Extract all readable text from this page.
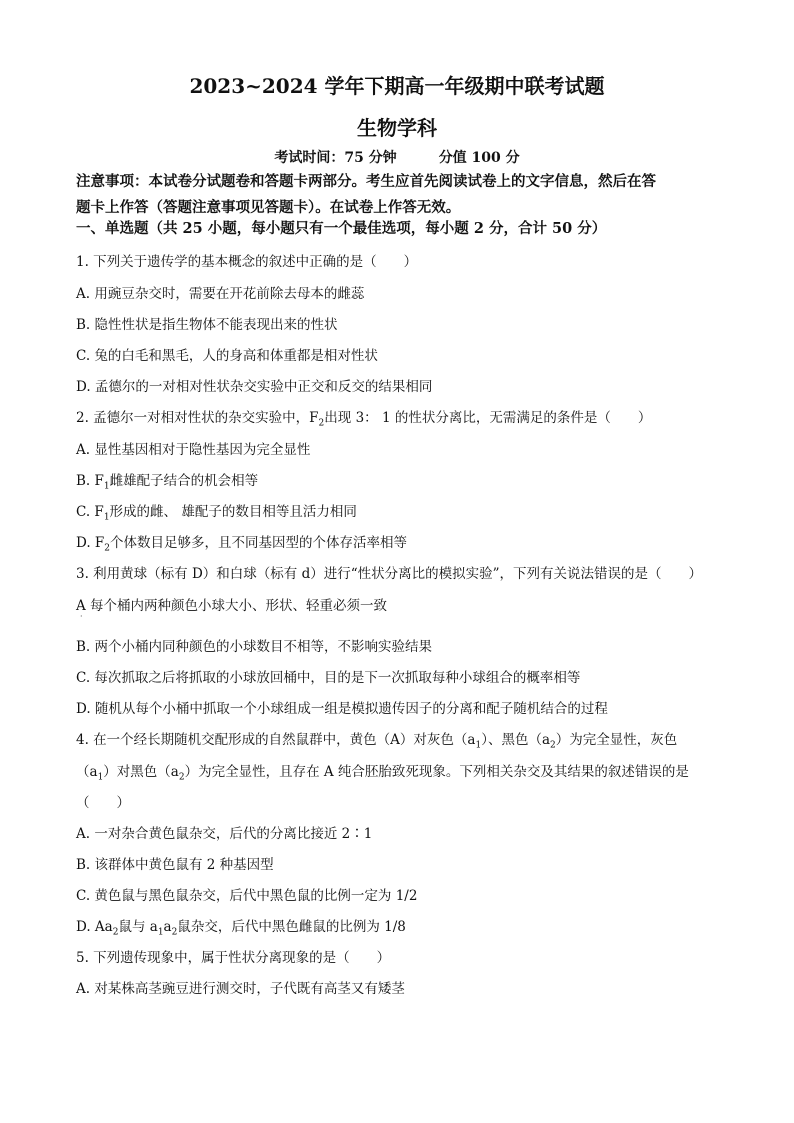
2023~2024 学年下期高一年级期中联考试题
生物学科
考试时间：75 分钟	分值 100 分
注意事项：本试卷分试题卷和答题卡两部分。考生应首先阅读试卷上的文字信息，然后在答
题卡上作答（答题注意事项见答题卡）。在试卷上作答无效。
一、单选题（共 25 小题，每小题只有一个最佳选项，每小题 2 分，合计 50 分）
1. 下列关于遗传学的基本概念的叙述中正确的是（　　）
A. 用豌豆杂交时，需要在开花前除去母本的雌蕊
B. 隐性性状是指生物体不能表现出来的性状
C. 兔的白毛和黑毛，人的身高和体重都是相对性状
D. 孟德尔的一对相对性状杂交实验中正交和反交的结果相同
2. 孟德尔一对相对性状的杂交实验中，$F_2$出现 3： 1 的性状分离比，无需满足的条件是（　　）
A. 显性基因相对于隐性基因为完全显性
B. $F_1$雌雄配子结合的机会相等
C. $F_1$形成的雌、 雄配子的数目相等且活力相同
D. $F_2$个体数目足够多，且不同基因型的个体存活率相等
3. 利用黄球（标有 D）和白球（标有 d）进行“性状分离比的模拟实验”，下列有关说法错误的是（　　）
A 每个桶内两种颜色小球大小、形状、轻重必须一致
·
B. 两个小桶内同种颜色的小球数目不相等，不影响实验结果
C. 每次抓取之后将抓取的小球放回桶中，目的是下一次抓取每种小球组合的概率相等
D. 随机从每个小桶中抓取一个小球组成一组是模拟遗传因子的分离和配子随机结合的过程
4. 在一个经长期随机交配形成的自然鼠群中，黄色（A）对灰色$(a_1)$、黑色$(a_2)$为完全显性，灰色
$(a_1)$对黑色$(a_2)$为完全显性，且存在 A 纯合胚胎致死现象。下列相关杂交及其结果的叙述错误的是
（　　）
A. 一对杂合黄色鼠杂交，后代的分离比接近 2∶1
B. 该群体中黄色鼠有 2 种基因型
C. 黄色鼠与黑色鼠杂交，后代中黑色鼠的比例一定为 1/2
D. $Aa_2$鼠与 $a_1a_2$鼠杂交，后代中黑色雌鼠的比例为 1/8
5. 下列遗传现象中，属于性状分离现象的是（　　）
A. 对某株高茎豌豆进行测交时，子代既有高茎又有矮茎
